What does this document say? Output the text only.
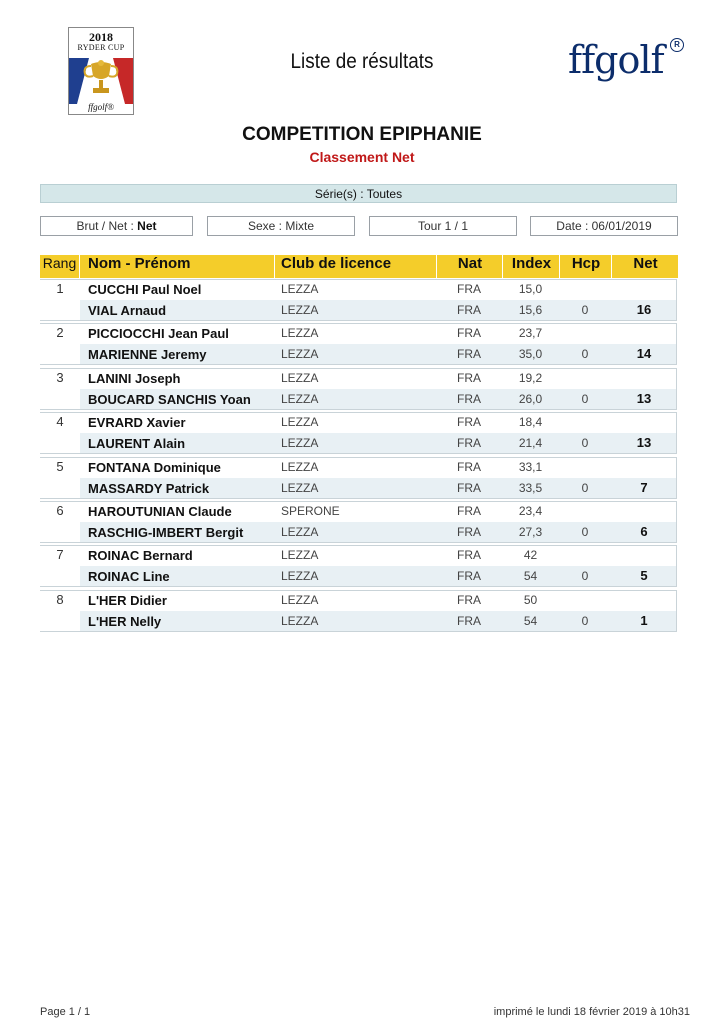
2018
RYDER CUP
ffgolf®
Liste de résultats	ffgolf	R
COMPETITION EPIPHANIE
Classement Net
Série(s) : Toutes
Brut / Net : Net	Sexe : Mixte	Tour 1 / 1	Date : 06/01/2019
Rang Nom - Prénom	Club de licence	Nat	Index	Hcp	Net
1	CUCCHI Paul Noel	LEZZA	FRA	15,0
VIAL Arnaud	LEZZA	FRA	15,6	0	16
2	PICCIOCCHI Jean Paul	LEZZA	FRA	23,7
MARIENNE Jeremy	LEZZA	FRA	35,0	0	14
3	LANINI Joseph	LEZZA	FRA	19,2
BOUCARD SANCHIS Yoan	LEZZA	FRA	26,0	0	13
4	EVRARD Xavier	LEZZA	FRA	18,4
LAURENT Alain	LEZZA	FRA	21,4	0	13
5	FONTANA Dominique	LEZZA	FRA	33,1
MASSARDY Patrick	LEZZA	FRA	33,5	0	7
6	HAROUTUNIAN Claude	SPERONE	FRA	23,4
RASCHIG-IMBERT Bergit	LEZZA	FRA	27,3	0	6
7	ROINAC Bernard	LEZZA	FRA	42
ROINAC Line	LEZZA	FRA	54	0	5
8	L'HER Didier	LEZZA	FRA	50
L'HER Nelly	LEZZA	FRA	54	0	1
Page 1 / 1	imprimé le lundi 18 février 2019 à 10h31
